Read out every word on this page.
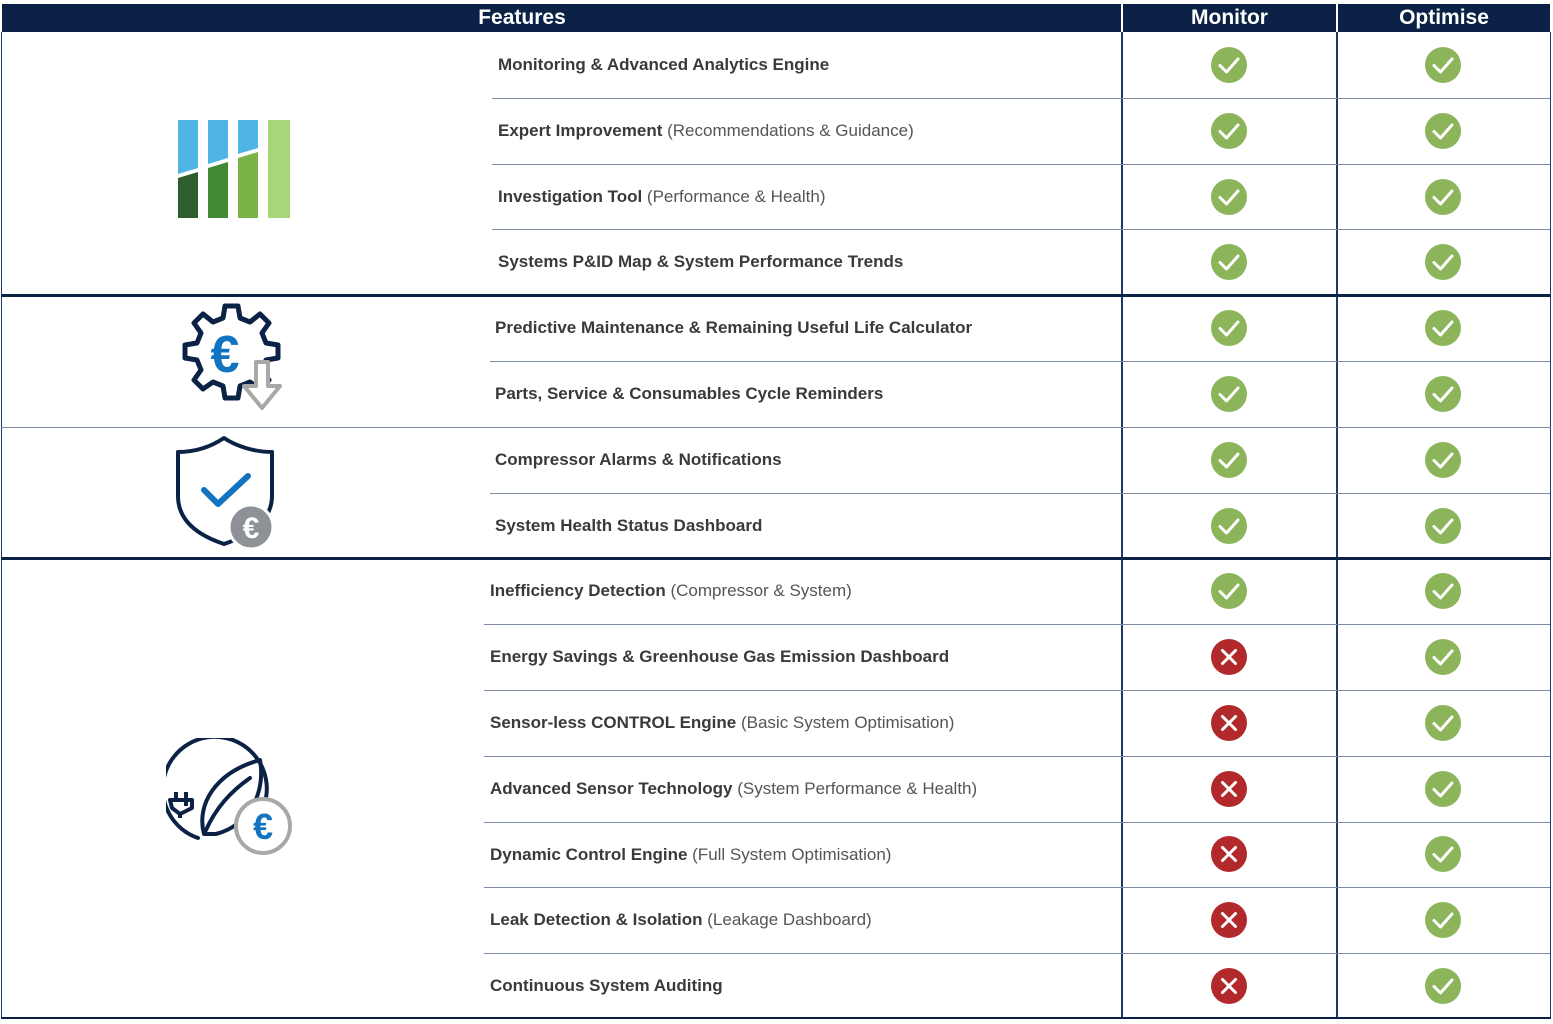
Features	Monitor	Optimise
€
€
€
Monitoring & Advanced Analytics Engine
Expert Improvement (Recommendations & Guidance)
Investigation Tool (Performance & Health)
Systems P&ID Map & System Performance Trends
Predictive Maintenance & Remaining Useful Life Calculator
Parts, Service & Consumables Cycle Reminders
Compressor Alarms & Notifications
System Health Status Dashboard
Inefficiency Detection (Compressor & System)
Energy Savings & Greenhouse Gas Emission Dashboard
Sensor-less CONTROL Engine (Basic System Optimisation)
Advanced Sensor Technology (System Performance & Health)
Dynamic Control Engine (Full System Optimisation)
Leak Detection & Isolation (Leakage Dashboard)
Continuous System Auditing
